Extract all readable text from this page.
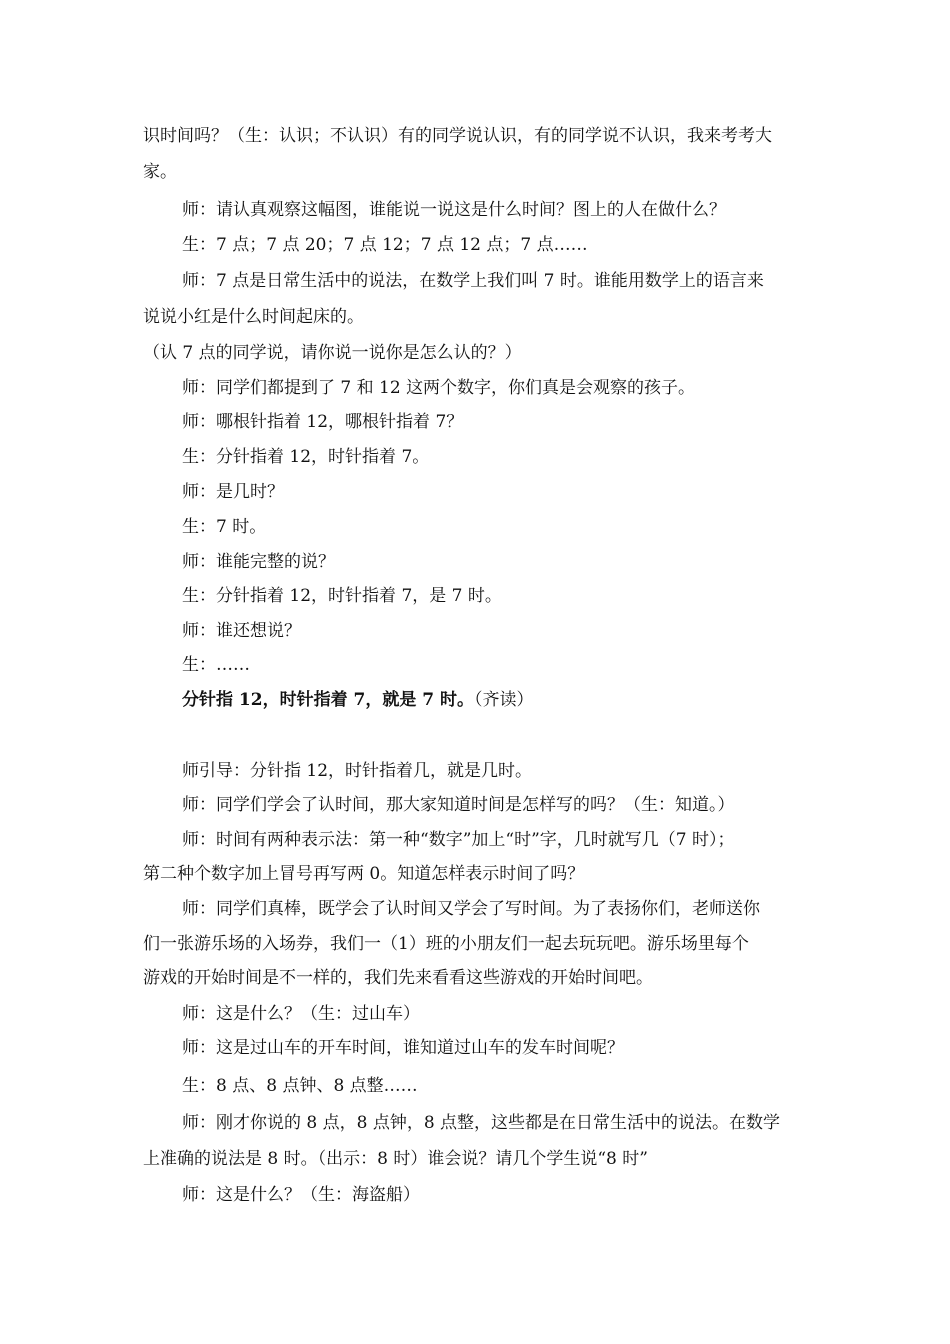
识时间吗？（生：认识；不认识）有的同学说认识，有的同学说不认识，我来考考大
家。
师：请认真观察这幅图，谁能说一说这是什么时间？图上的人在做什么？
生：7 点；7 点 20；7 点 12；7 点 12 点；7 点……
师：7 点是日常生活中的说法，在数学上我们叫 7 时。谁能用数学上的语言来
说说小红是什么时间起床的。
（认 7 点的同学说，请你说一说你是怎么认的？）
师：同学们都提到了 7 和 12 这两个数字，你们真是会观察的孩子。
师：哪根针指着 12，哪根针指着 7？
生：分针指着 12，时针指着 7。
师：是几时？
生：7 时。
师：谁能完整的说？
生：分针指着 12，时针指着 7，是 7 时。
师：谁还想说？
生：……
分针指 12，时针指着 7，就是 7 时。（齐读）
师引导：分针指 12，时针指着几，就是几时。
师：同学们学会了认时间，那大家知道时间是怎样写的吗？（生：知道。）
师：时间有两种表示法：第一种“数字”加上“时”字，几时就写几（7 时）；
第二种个数字加上冒号再写两 0。知道怎样表示时间了吗？
师：同学们真棒，既学会了认时间又学会了写时间。为了表扬你们，老师送你
们一张游乐场的入场券，我们一（1）班的小朋友们一起去玩玩吧。游乐场里每个
游戏的开始时间是不一样的，我们先来看看这些游戏的开始时间吧。
师：这是什么？（生：过山车）
师：这是过山车的开车时间，谁知道过山车的发车时间呢？
生：8 点、8 点钟、8 点整……
师：刚才你说的 8 点，8 点钟，8 点整，这些都是在日常生活中的说法。在数学
上准确的说法是 8 时。（出示：8 时）谁会说？请几个学生说“8 时”
师：这是什么？（生：海盗船）
